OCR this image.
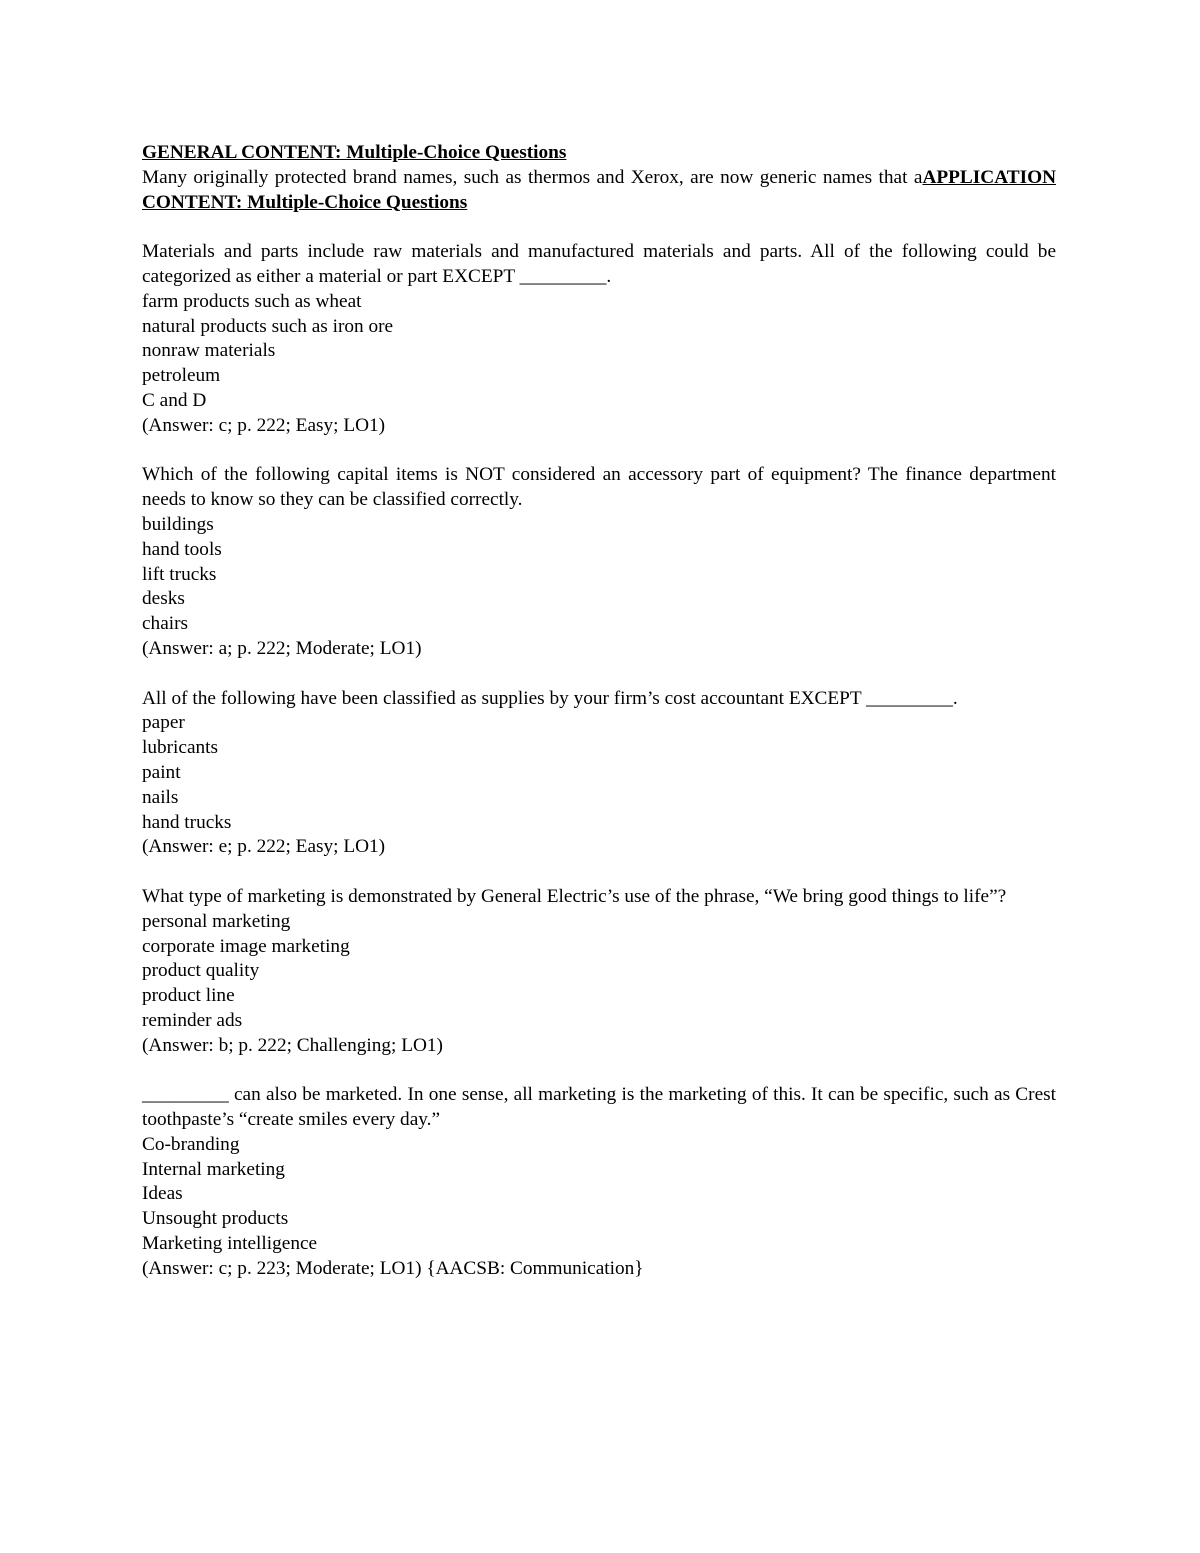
GENERAL CONTENT: Multiple-Choice Questions

Many originally protected brand names, such as thermos and Xerox, are now generic names that aAPPLICATION CONTENT: Multiple-Choice Questions

Materials and parts include raw materials and manufactured materials and parts. All of the following could be categorized as either a material or part EXCEPT _________.

farm products such as wheat

natural products such as iron ore

nonraw materials

petroleum

C and D

(Answer: c; p. 222; Easy; LO1)

Which of the following capital items is NOT considered an accessory part of equipment? The finance department needs to know so they can be classified correctly.

buildings

hand tools

lift trucks

desks

chairs

(Answer: a; p. 222; Moderate; LO1)

All of the following have been classified as supplies by your firm’s cost accountant EXCEPT _________.

paper

lubricants

paint

nails

hand trucks

(Answer: e; p. 222; Easy; LO1)

What type of marketing is demonstrated by General Electric’s use of the phrase, “We bring good things to life”?

personal marketing

corporate image marketing

product quality

product line

reminder ads

(Answer: b; p. 222; Challenging; LO1)

_________ can also be marketed. In one sense, all marketing is the marketing of this. It can be specific, such as Crest toothpaste’s “create smiles every day.”

Co-branding

Internal marketing

Ideas

Unsought products

Marketing intelligence

(Answer: c; p. 223; Moderate; LO1) {AACSB: Communication}
